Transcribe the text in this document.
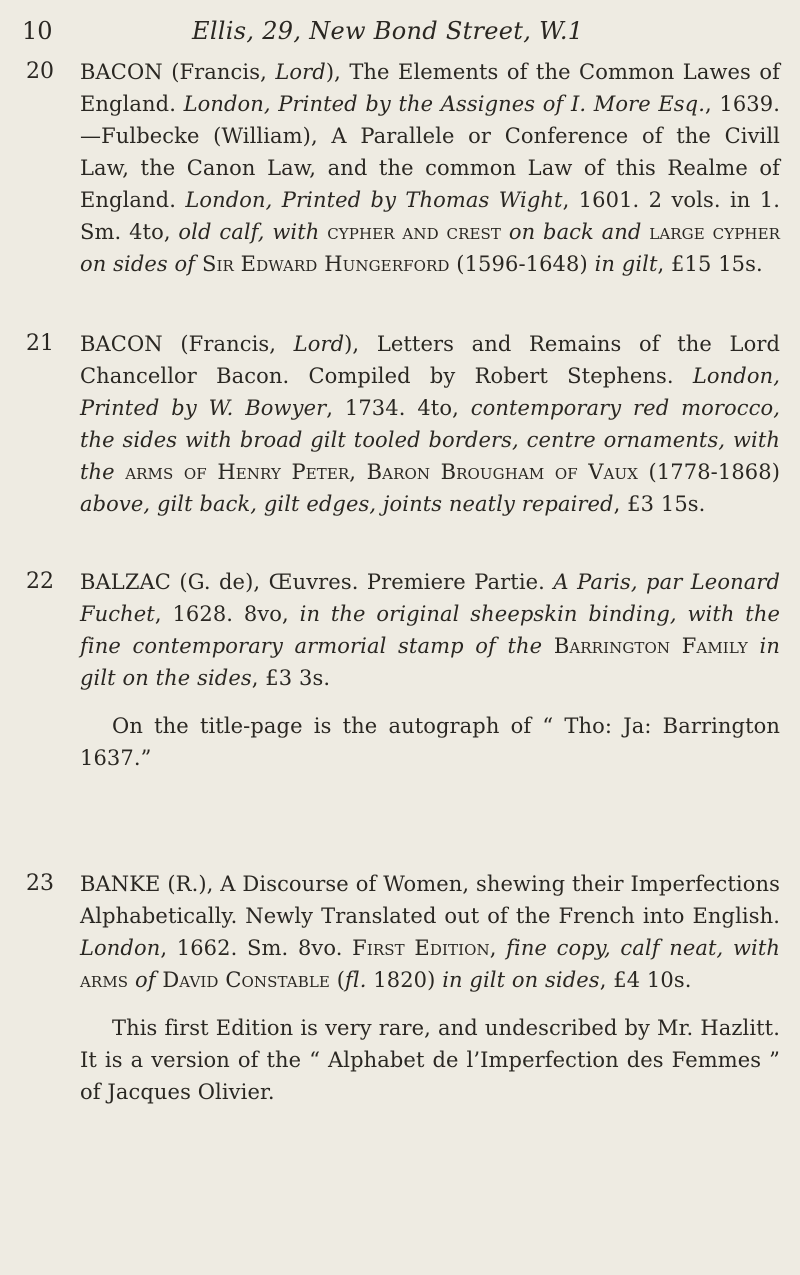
10	Ellis, 29, New Bond Street, W.1
20 BACON (Francis, Lord), The Elements of the Common Lawes of England. London, Printed by the Assignes of I. More Esq., 1639.—Fulbecke (William), A Parallele or Conference of the Civill Law, the Canon Law, and the common Law of this Realme of England. London, Printed by Thomas Wight, 1601. 2 vols. in 1. Sm. 4to, old calf, with cypher and crest on back and large cypher on sides of Sir Edward Hungerford (1596-1648) in gilt, £15 15s.

21 BACON (Francis, Lord), Letters and Remains of the Lord Chancellor Bacon. Compiled by Robert Stephens. London, Printed by W. Bowyer, 1734. 4to, contemporary red morocco, the sides with broad gilt tooled borders, centre ornaments, with the arms of Henry Peter, Baron Brougham of Vaux (1778-1868) above, gilt back, gilt edges, joints neatly repaired, £3 15s.

22 BALZAC (G. de), Œuvres. Premiere Partie. A Paris, par Leonard Fuchet, 1628. 8vo, in the original sheepskin binding, with the fine contemporary armorial stamp of the Barrington Family in gilt on the sides, £3 3s.

On the title-page is the autograph of “ Tho: Ja: Barrington 1637.”

23 BANKE (R.), A Discourse of Women, shewing their Imperfections Alphabetically. Newly Translated out of the French into English. London, 1662. Sm. 8vo. First Edition, fine copy, calf neat, with arms of David Constable (fl. 1820) in gilt on sides, £4 10s.

This first Edition is very rare, and undescribed by Mr. Hazlitt. It is a version of the “ Alphabet de l’Imperfection des Femmes ” of Jacques Olivier.
